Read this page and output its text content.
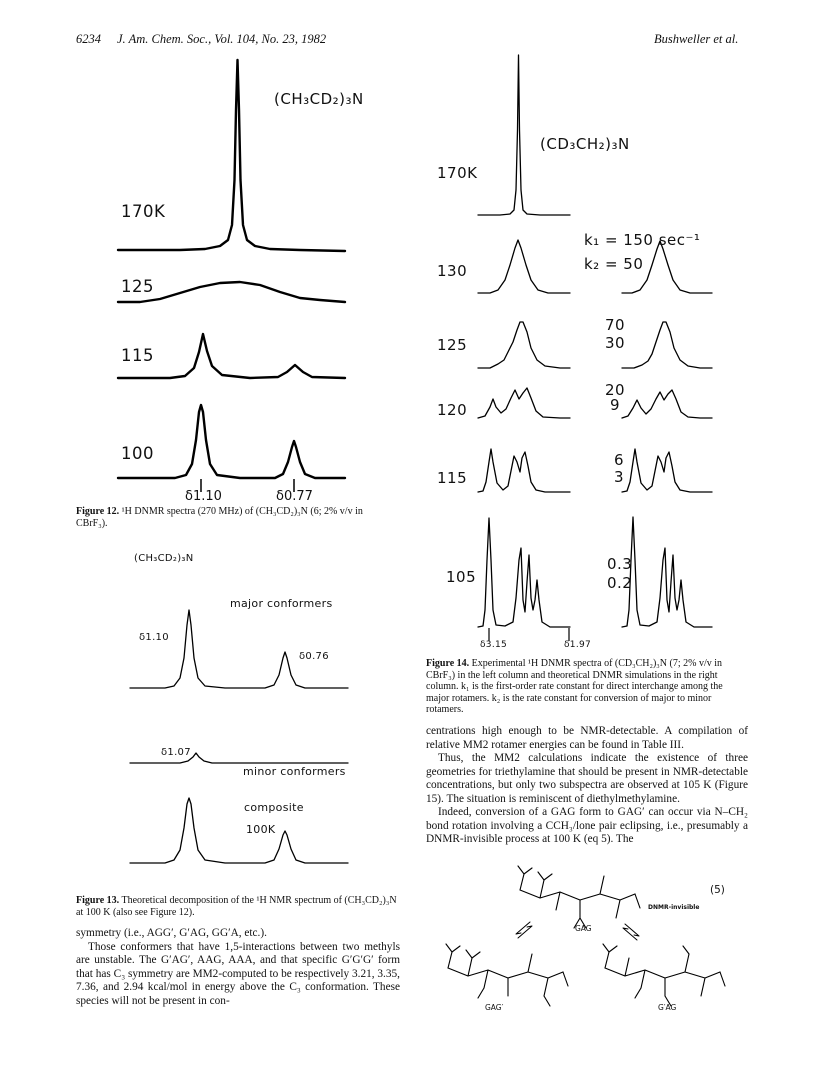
6234 J. Am. Chem. Soc., Vol. 104, No. 23, 1982	Bushweller et al.
(CH₃CD₂)₃N
170K
125
115
100
δ1.10	δ0.77
Figure 12. ¹H DNMR spectra (270 MHz) of (CH₃CD₂)₃N (6; 2% v/v in CBrF₃).
(CH₃CD₂)₃N
major conformers
δ1.10
δ0.76
minor conformers
δ1.07
composite
100K
Figure 13. Theoretical decomposition of the ¹H NMR spectrum of (CH₃CD₂)₃N at 100 K (also see Figure 12).

symmetry (i.e., AGG′, G′AG, GG′A, etc.).

Those conformers that have 1,5-interactions between two methyls are unstable. The G′AG′, AAG, AAA, and that specific G′G′G′ form that has C₃ symmetry are MM2-computed to be respectively 3.21, 3.35, 7.36, and 2.94 kcal/mol in energy above the C₃ conformation. These species will not be present in con-

(CD₃CH₂)₃N
170K
130
125
120
115
105
k₁ = 150 sec⁻¹
k₂ = 50
70
30
20
9
6
3
0.3
0.2
δ3.15	δ1.97
Figure 14. Experimental ¹H DNMR spectra of (CD₃CH₂)₃N (7; 2% v/v in CBrF₃) in the left column and theoretical DNMR simulations in the right column. k₁ is the first-order rate constant for direct interchange among the major rotamers. k₂ is the rate constant for conversion of major to minor rotamers.

centrations high enough to be NMR-detectable. A compilation of relative MM2 rotamer energies can be found in Table III.

Thus, the MM2 calculations indicate the existence of three geometries for triethylamine that should be present in NMR-detectable concentrations, but only two subspectra are observed at 105 K (Figure 15). The situation is reminiscent of diethylmethylamine.

Indeed, conversion of a GAG form to GAG′ can occur via N–CH₂ bond rotation involving a CCH₃/lone pair eclipsing, i.e., presumably a DNMR-invisible process at 100 K (eq 5). The

(5)
DNMR-invisible
GAG
GAG′	G′AG
